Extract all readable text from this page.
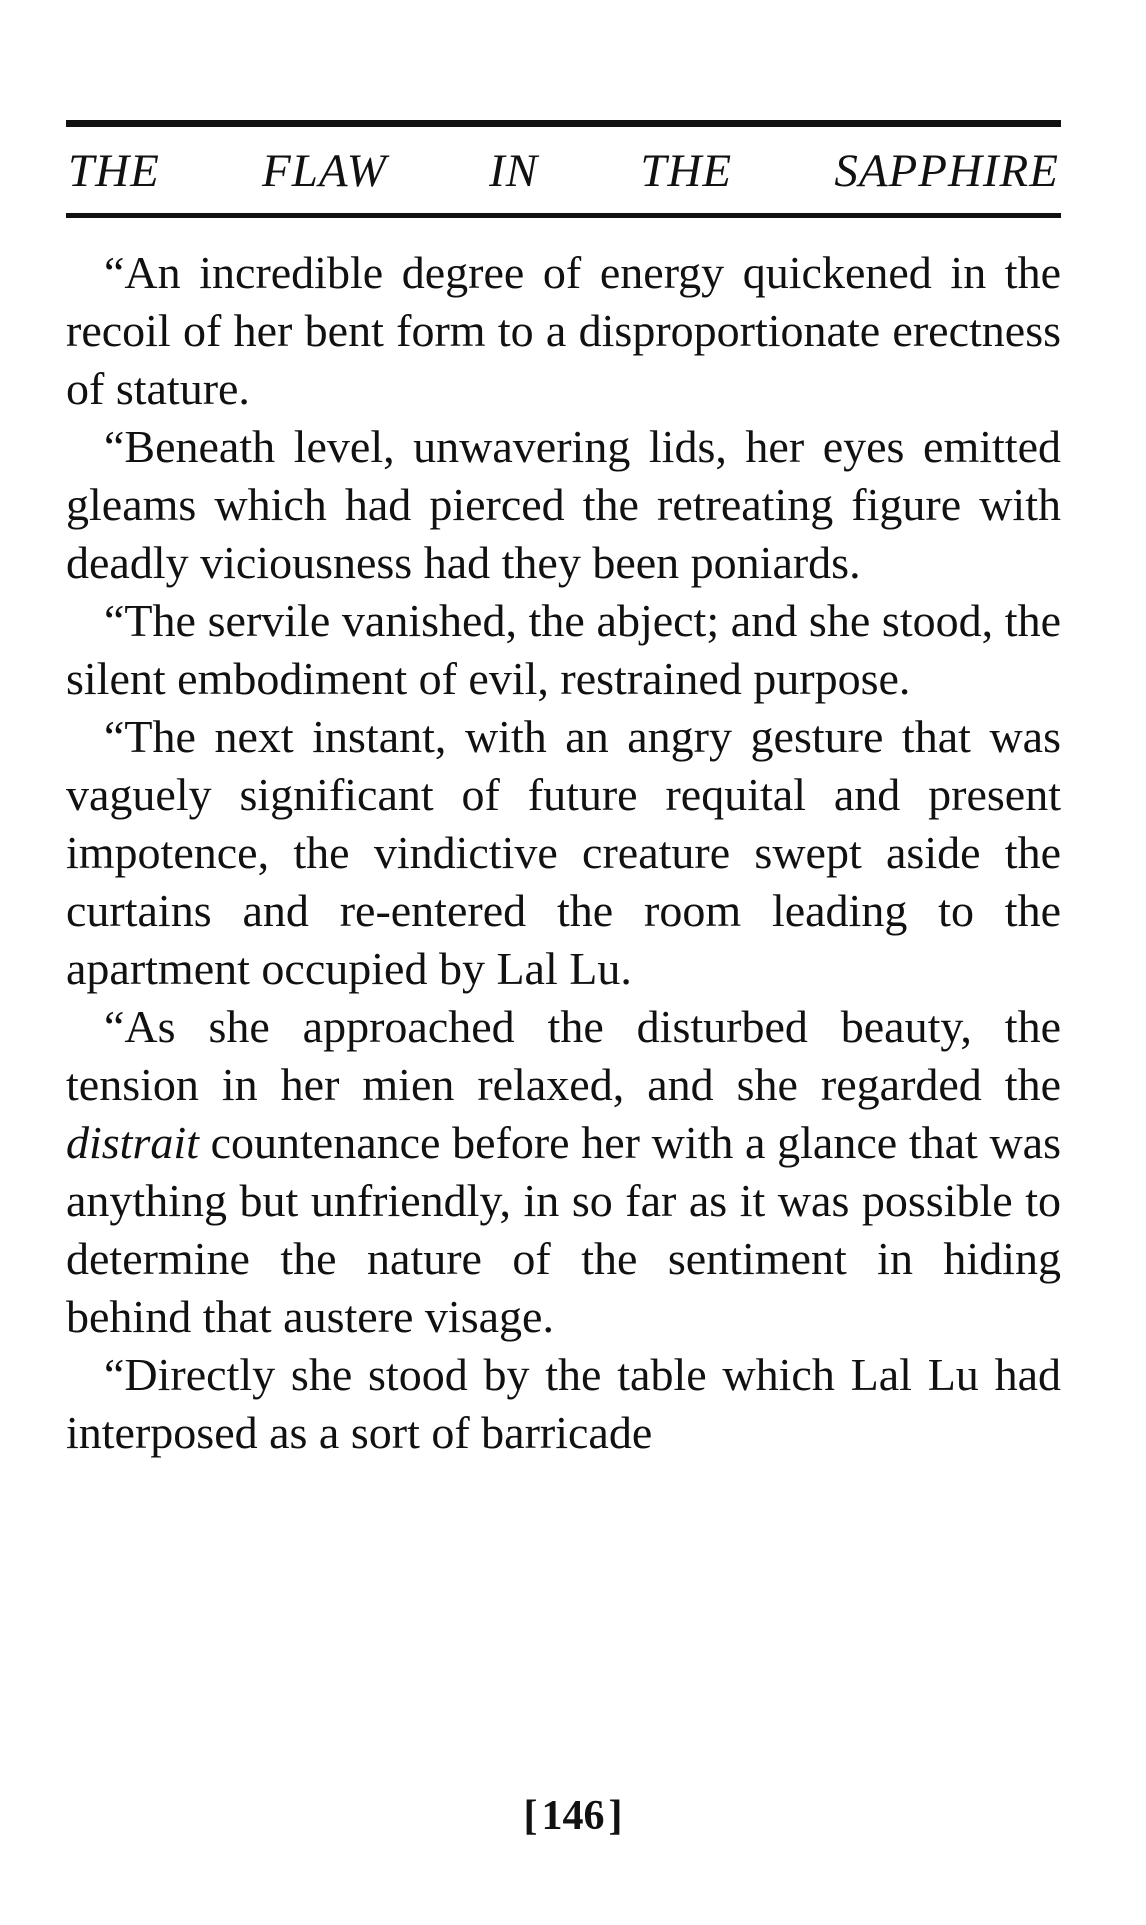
THE FLAW IN THE SAPPHIRE

“An incredible degree of energy quickened in the recoil of her bent form to a disproportionate erectness of stature.

“Beneath level, unwavering lids, her eyes emitted gleams which had pierced the retreating figure with deadly viciousness had they been poniards.

“The servile vanished, the abject; and she stood, the silent embodiment of evil, restrained purpose.

“The next instant, with an angry gesture that was vaguely significant of future requital and present impotence, the vindictive creature swept aside the curtains and re-entered the room leading to the apartment occupied by Lal Lu.

“As she approached the disturbed beauty, the tension in her mien relaxed, and she regarded the distrait countenance before her with a glance that was anything but unfriendly, in so far as it was possible to determine the nature of the sentiment in hiding behind that austere visage.

“Directly she stood by the table which Lal Lu had interposed as a sort of barricade

[146]
